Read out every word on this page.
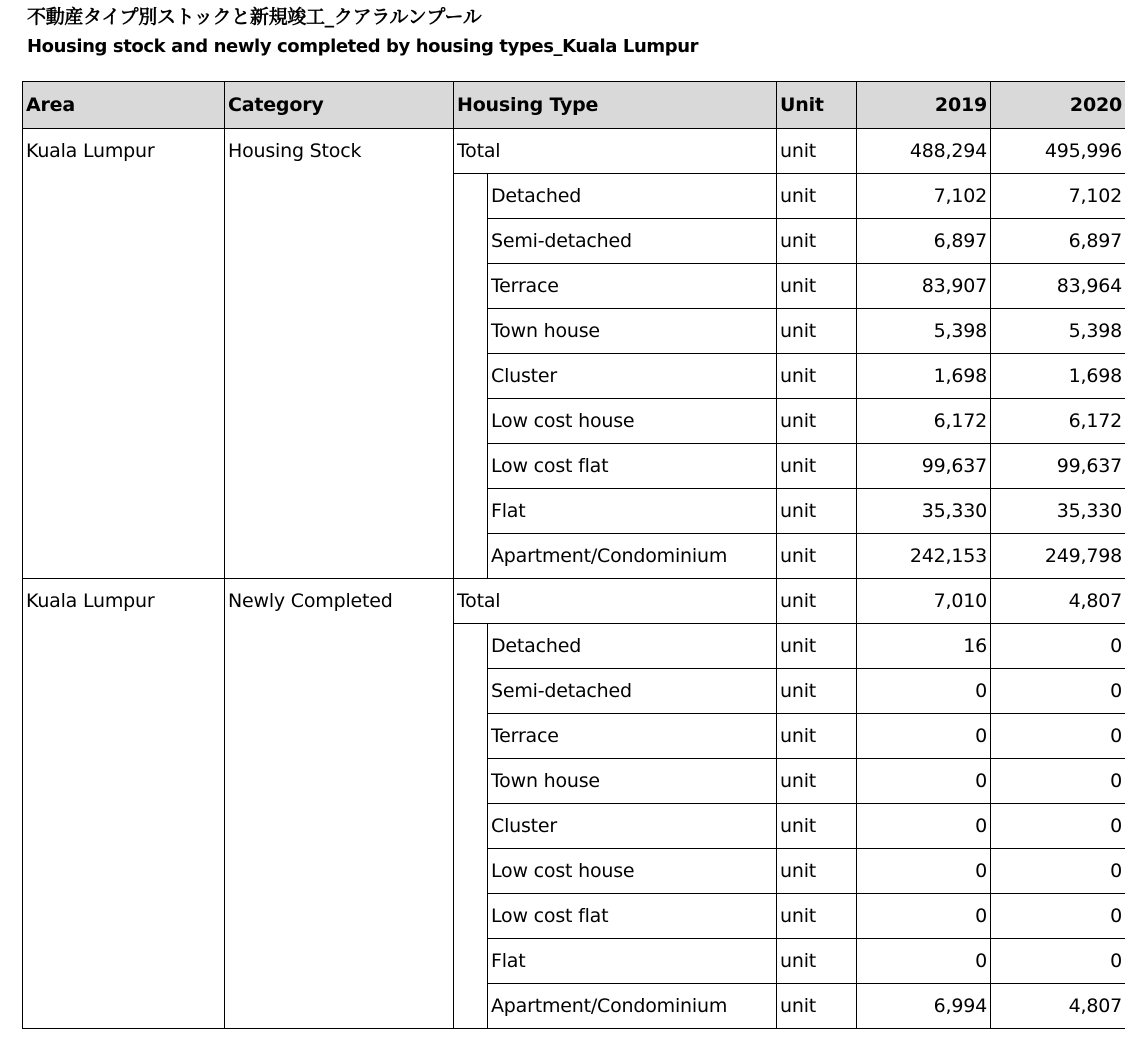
不動産タイプ別ストックと新規竣工_クアラルンプール
Housing stock and newly completed by housing types_Kuala Lumpur
Area	Category	Housing Type		Unit	2019	2020
Kuala Lumpur	Housing Stock	Total		unit	488,294	495,996
			Detached	unit	7,102	7,102
			Semi-detached	unit	6,897	6,897
			Terrace	unit	83,907	83,964
			Town house	unit	5,398	5,398
			Cluster	unit	1,698	1,698
			Low cost house	unit	6,172	6,172
			Low cost flat	unit	99,637	99,637
			Flat	unit	35,330	35,330
			Apartment/Condominium	unit	242,153	249,798
Kuala Lumpur	Newly Completed	Total		unit	7,010	4,807
			Detached	unit	16	0
			Semi-detached	unit	0	0
			Terrace	unit	0	0
			Town house	unit	0	0
			Cluster	unit	0	0
			Low cost house	unit	0	0
			Low cost flat	unit	0	0
			Flat	unit	0	0
			Apartment/Condominium	unit	6,994	4,807
